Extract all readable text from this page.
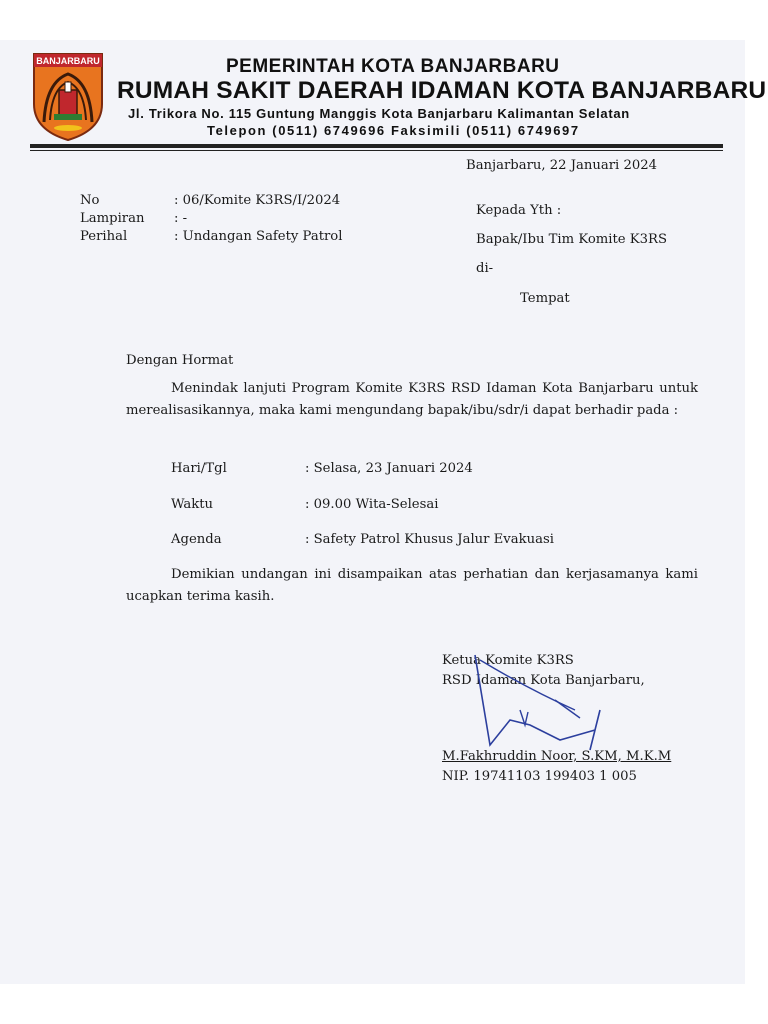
BANJARBARU	PEMERINTAH KOTA BANJARBARU
RUMAH SAKIT DAERAH IDAMAN KOTA BANJARBARU
Jl. Trikora No. 115 Guntung Manggis Kota Banjarbaru Kalimantan Selatan
Telepon (0511) 6749696 Faksimili (0511) 6749697
Banjarbaru, 22 Januari 2024
No	: 06/Komite K3RS/I/2024
Lampiran : -
Perihal	: Undangan Safety Patrol
Kepada Yth :
Bapak/Ibu Tim Komite K3RS
di-
Tempat
Dengan Hormat
Menindak lanjuti Program Komite K3RS RSD Idaman Kota Banjarbaru untuk merealisasikannya, maka kami mengundang bapak/ibu/sdr/i dapat berhadir pada :
Hari/Tgl	: Selasa, 23 Januari 2024
Waktu	: 09.00 Wita-Selesai
Agenda	: Safety Patrol Khusus Jalur Evakuasi
Demikian undangan ini disampaikan atas perhatian dan kerjasamanya kami ucapkan terima kasih.
Ketua Komite K3RS
RSD Idaman Kota Banjarbaru,
M.Fakhruddin Noor, S.KM, M.K.M
NIP. 19741103 199403 1 005
